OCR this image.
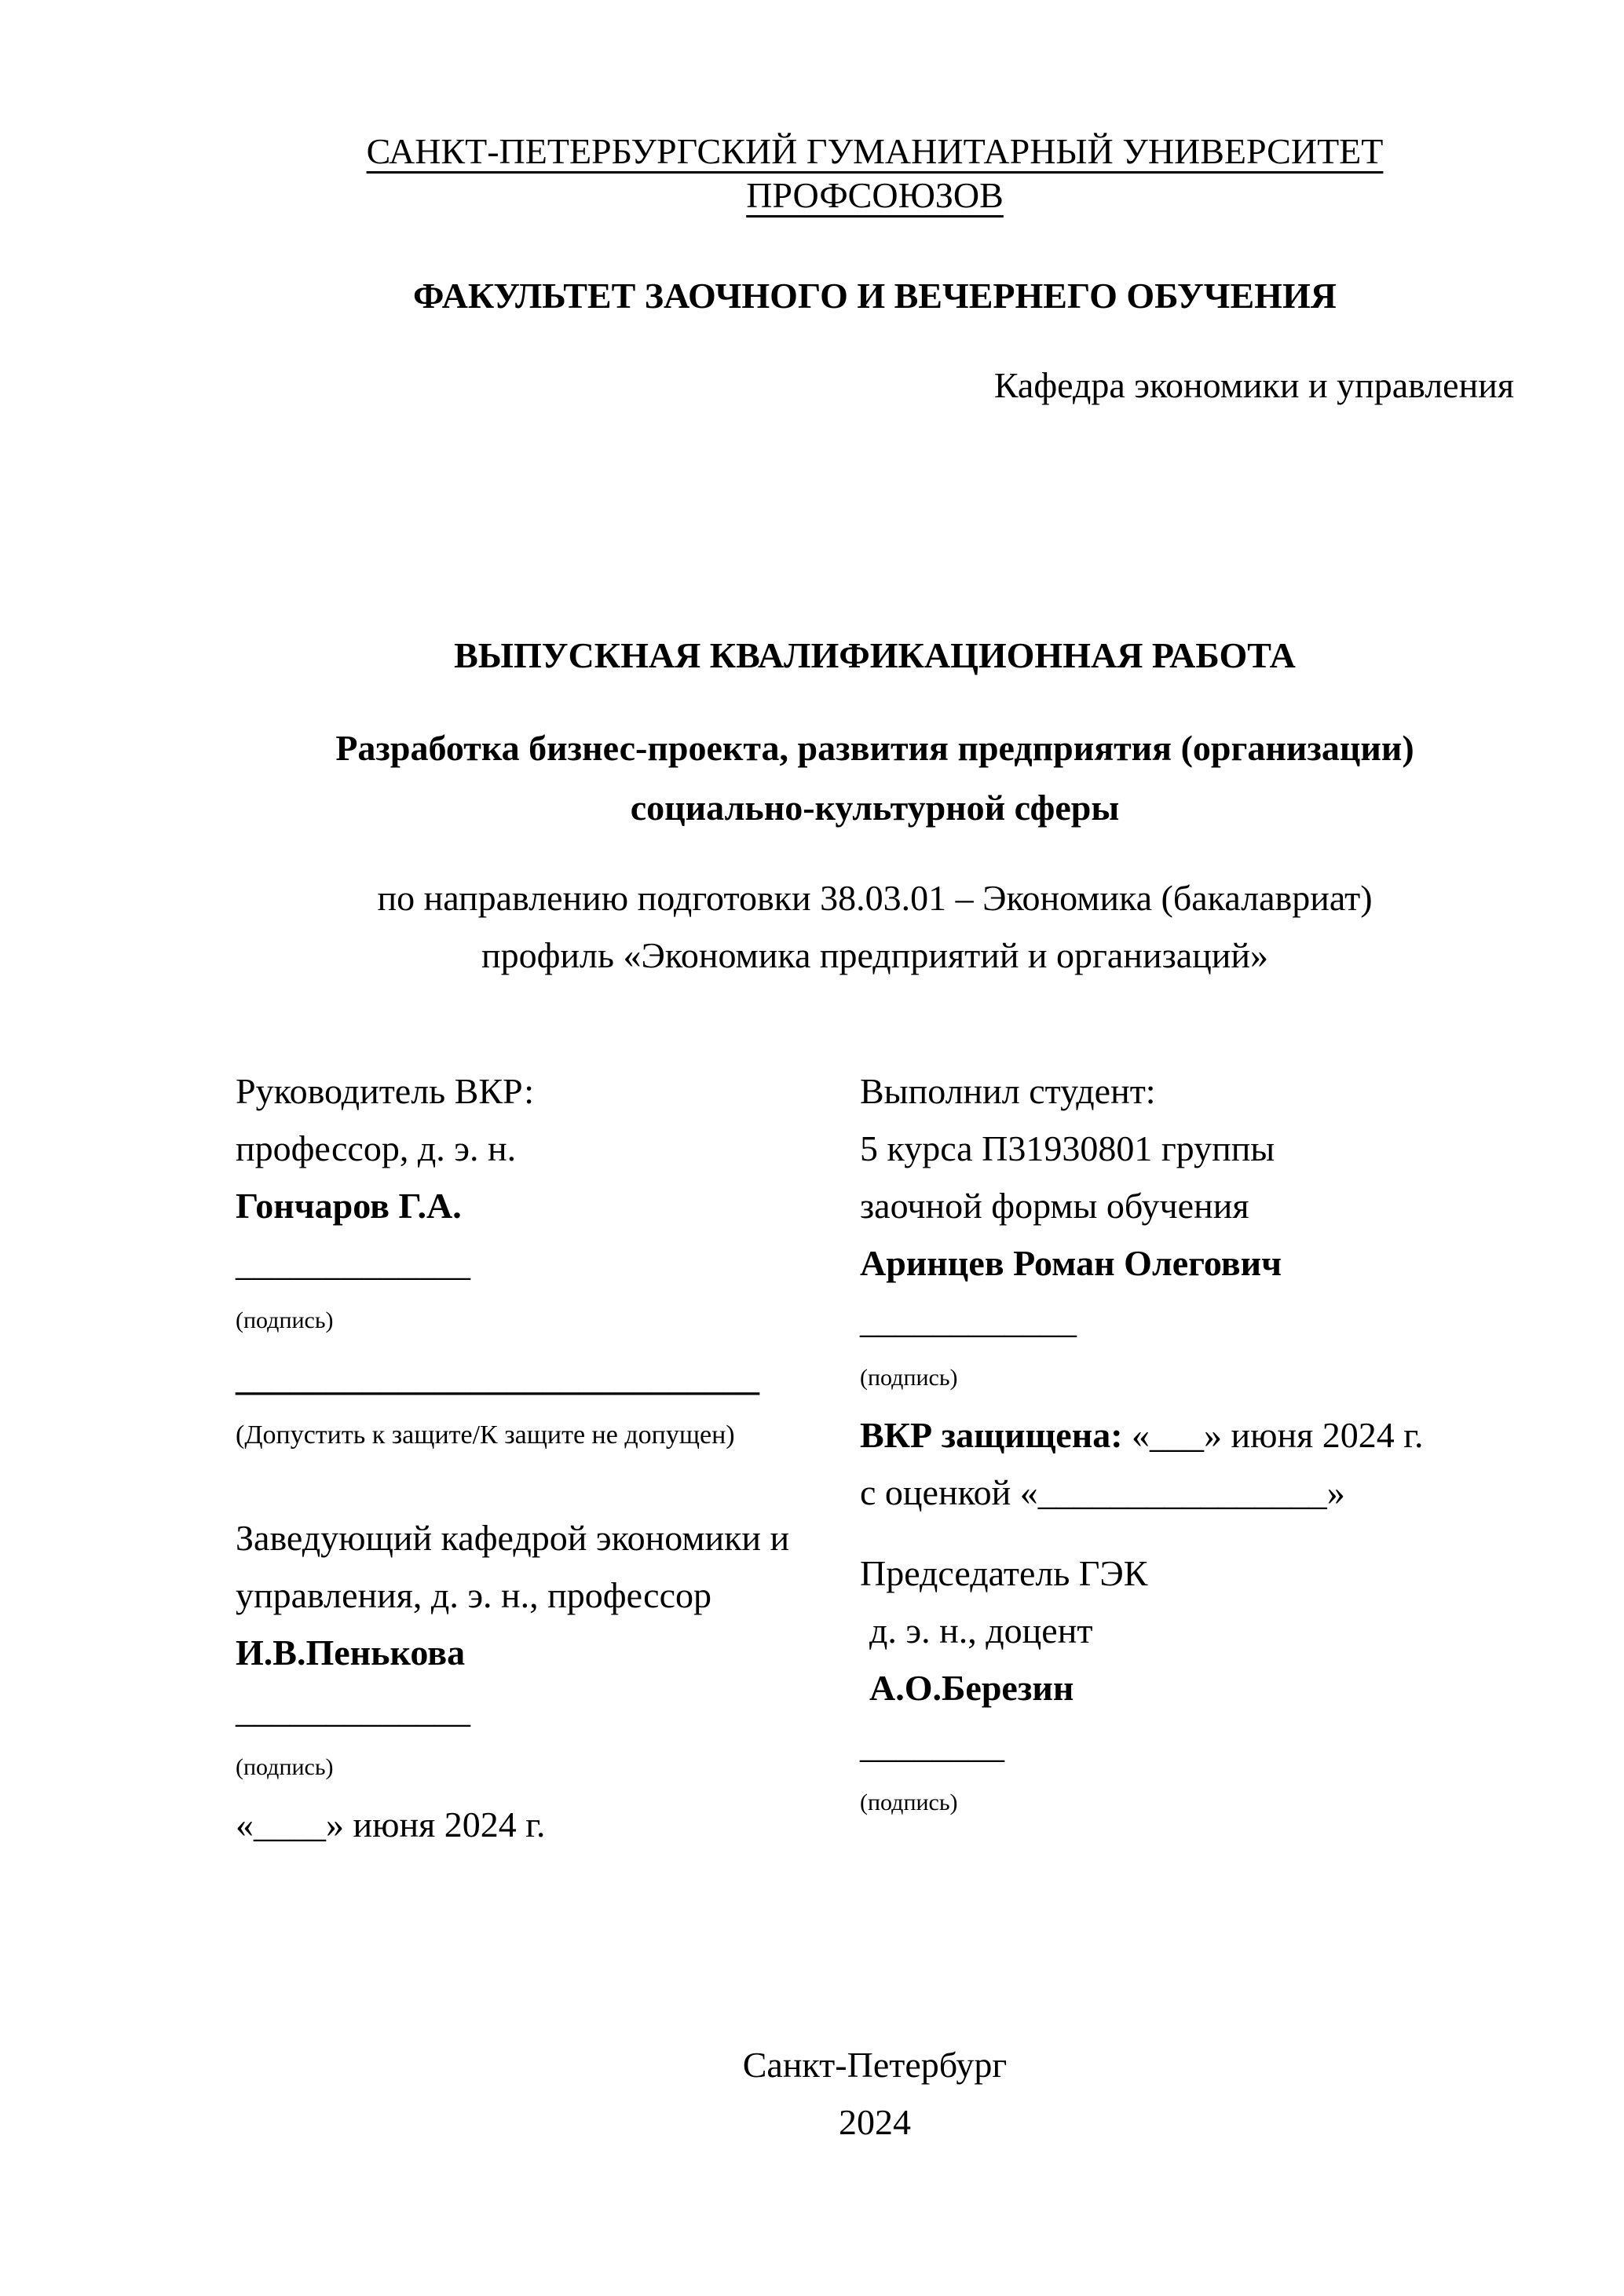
САНКТ-ПЕТЕРБУРГСКИЙ ГУМАНИТАРНЫЙ УНИВЕРСИТЕТ ПРОФСОЮЗОВ
ФАКУЛЬТЕТ ЗАОЧНОГО И ВЕЧЕРНЕГО ОБУЧЕНИЯ
Кафедра экономики и управления
ВЫПУСКНАЯ КВАЛИФИКАЦИОННАЯ РАБОТА
Разработка бизнес-проекта, развития предприятия (организации)
социально-культурной сферы
по направлению подготовки 38.03.01 – Экономика (бакалавриат)
профиль «Экономика предприятий и организаций»

Руководитель ВКР:

профессор, д. э. н.

Гончаров Г.А.

_____________

(подпись)

_____________________________

(Допустить к защите/К защите не допущен)

Заведующий кафедрой экономики и

управления, д. э. н., профессор

И.В.Пенькова

_____________

(подпись)

«____» июня 2024 г.

Выполнил студент:

5 курса П31930801 группы

заочной формы обучения

Аринцев Роман Олегович

____________

(подпись)

ВКР защищена: «___» июня 2024 г.

с оценкой «________________»

Председатель ГЭК

д. э. н., доцент

А.О.Березин

________

(подпись)

Санкт-Петербург
2024
